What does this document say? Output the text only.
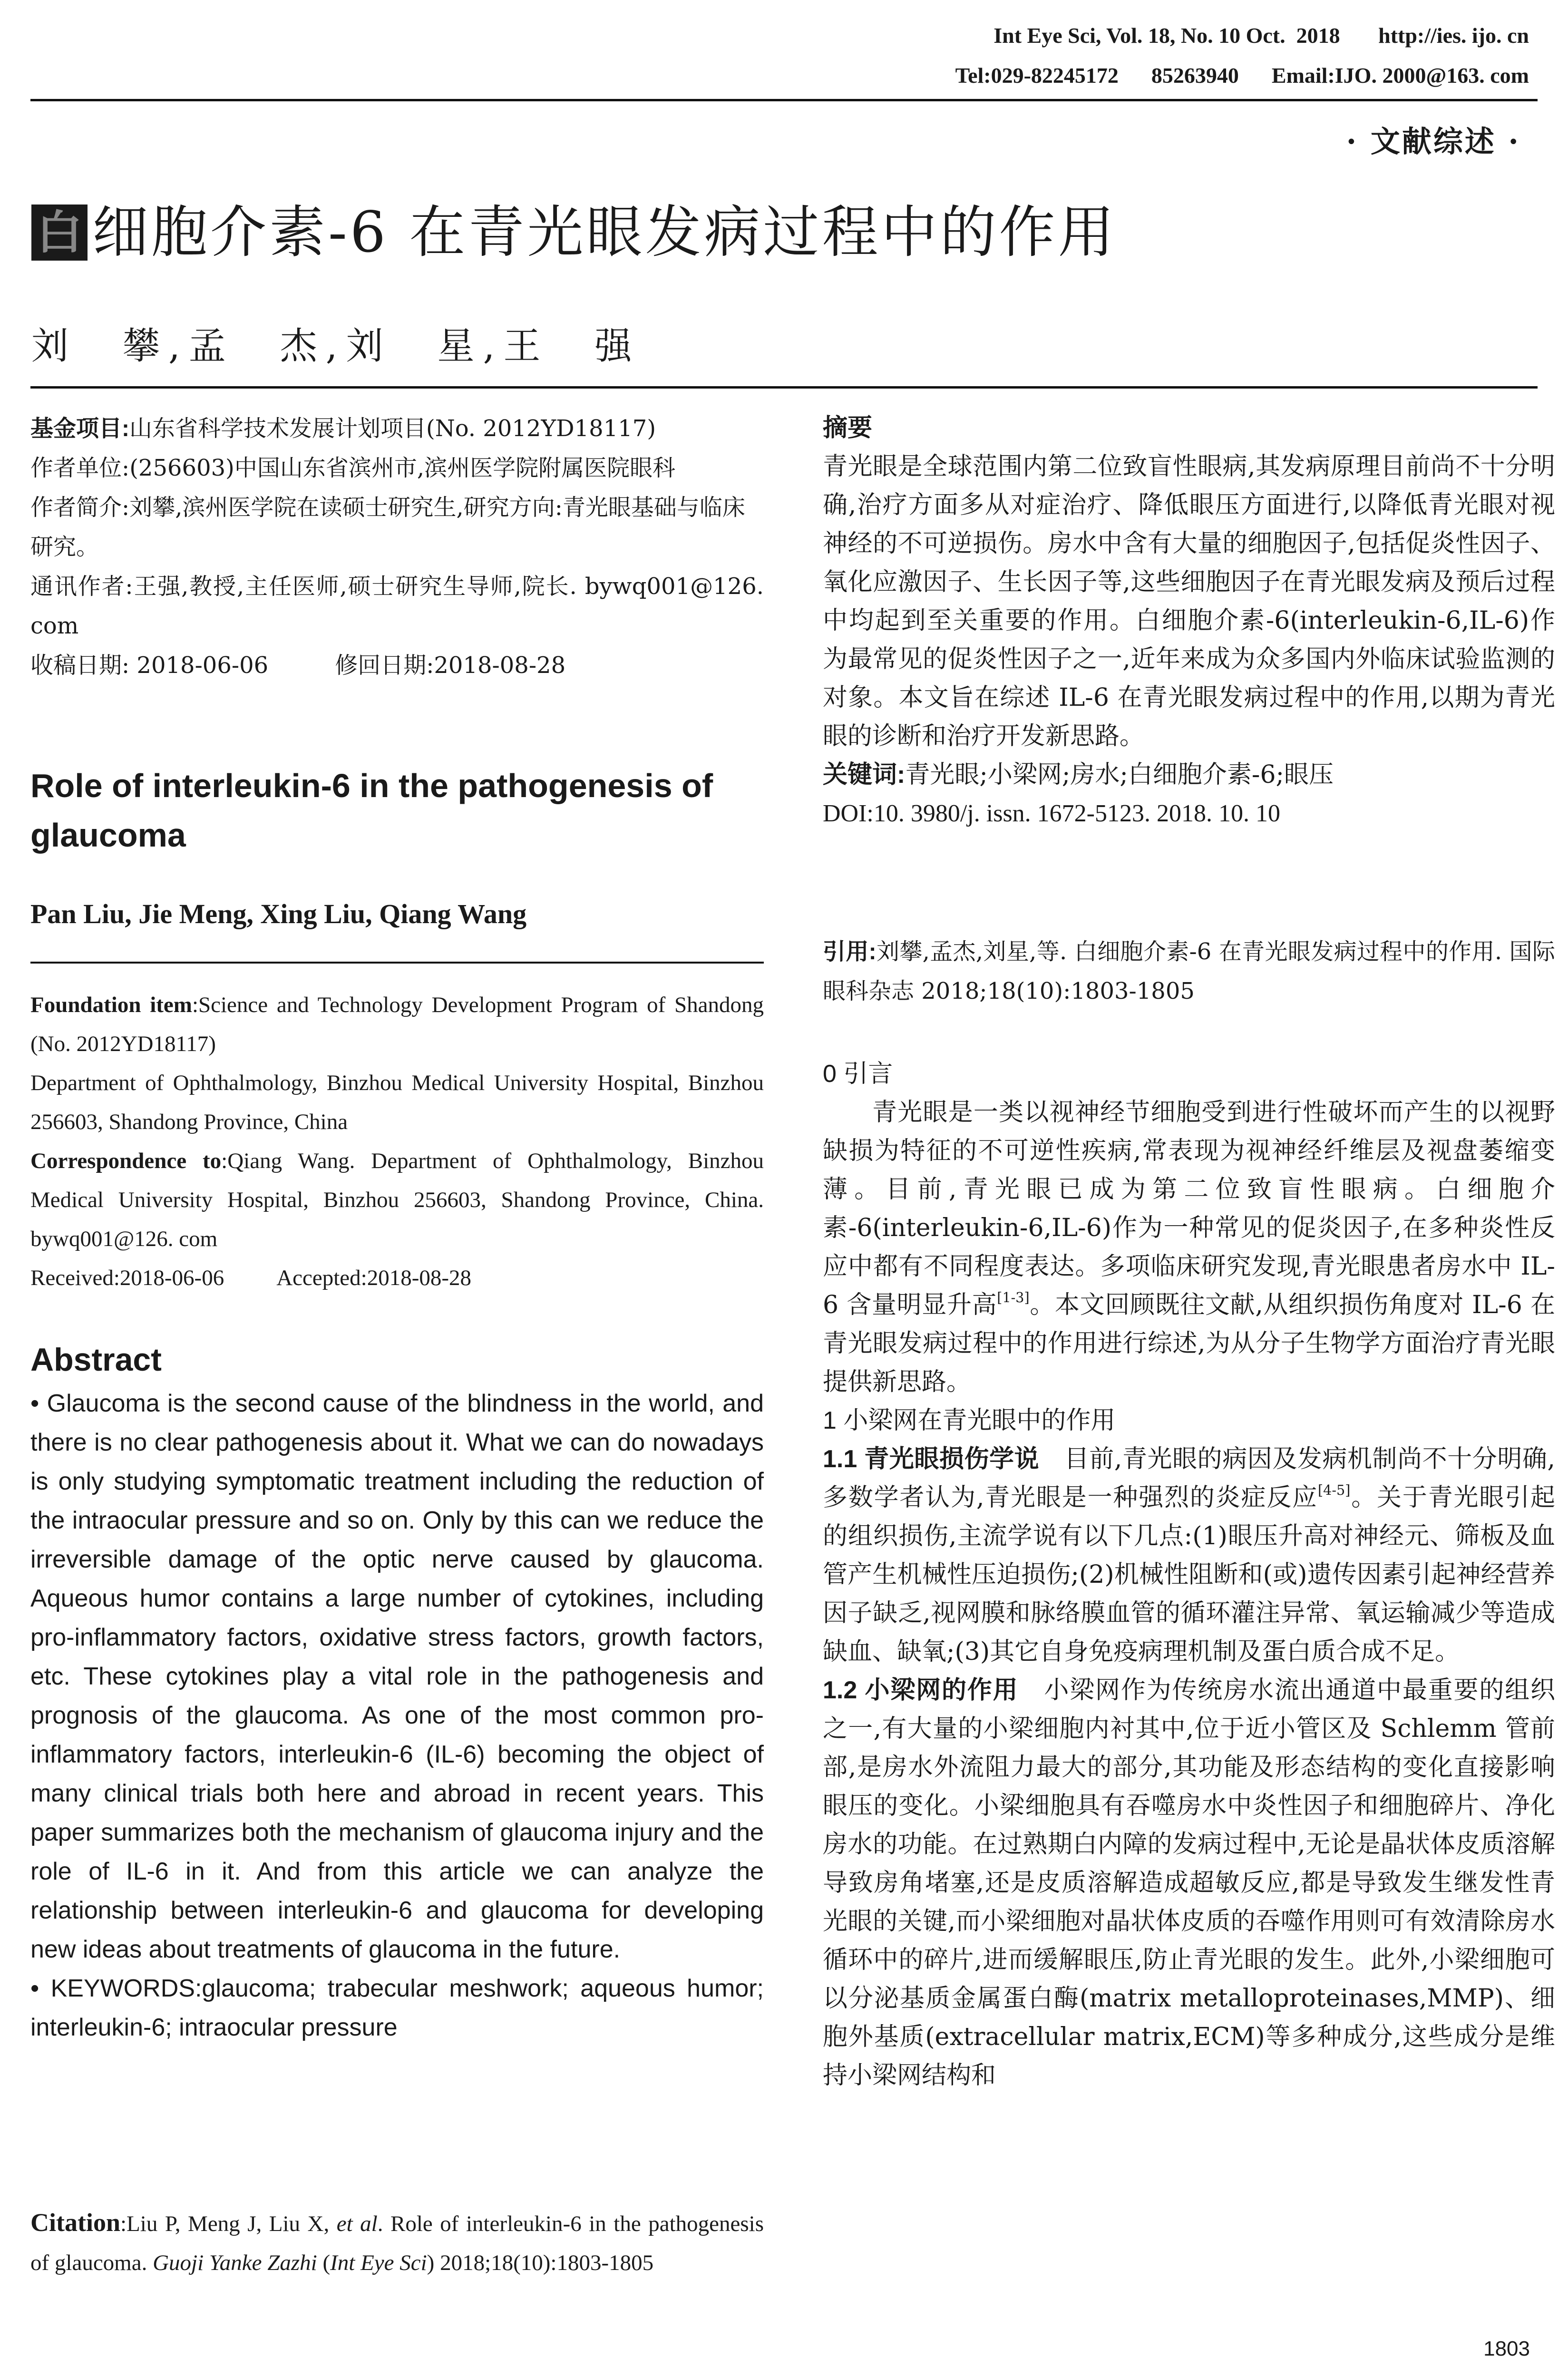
Int Eye Sci, Vol. 18, No. 10 Oct.  2018       http://ies. ijo. cn
Tel:029-82245172      85263940      Email:IJO. 2000@163. com
· 文献综述 ·
白 细胞介素-6 在青光眼发病过程中的作用
刘　攀,孟　杰,刘　星,王　强

基金项目:山东省科学技术发展计划项目(No. 2012YD18117)

作者单位:(256603)中国山东省滨州市,滨州医学院附属医院眼科

作者简介:刘攀,滨州医学院在读硕士研究生,研究方向:青光眼基础与临床研究。

通讯作者:王强,教授,主任医师,硕士研究生导师,院长. bywq001@126. com

收稿日期: 2018-06-06	修回日期:2018-08-28

Role of interleukin-6 in the pathogenesis of glaucoma
Pan Liu, Jie Meng, Xing Liu, Qiang Wang

Foundation item:Science and Technology Development Program of Shandong (No. 2012YD18117)

Department of Ophthalmology, Binzhou Medical University Hospital, Binzhou 256603, Shandong Province, China

Correspondence to:Qiang Wang. Department of Ophthalmology, Binzhou Medical University Hospital, Binzhou 256603, Shandong Province, China. bywq001@126. com

Received:2018-06-06 Accepted:2018-08-28

Abstract

• Glaucoma is the second cause of the blindness in the world, and there is no clear pathogenesis about it. What we can do nowadays is only studying symptomatic treatment including the reduction of the intraocular pressure and so on. Only by this can we reduce the irreversible damage of the optic nerve caused by glaucoma. Aqueous humor contains a large number of cytokines, including pro-inflammatory factors, oxidative stress factors, growth factors, etc. These cytokines play a vital role in the pathogenesis and prognosis of the glaucoma. As one of the most common pro-inflammatory factors, interleukin-6 (IL-6) becoming the object of many clinical trials both here and abroad in recent years. This paper summarizes both the mechanism of glaucoma injury and the role of IL-6 in it. And from this article we can analyze the relationship between interleukin-6 and glaucoma for developing new ideas about treatments of glaucoma in the future.

• KEYWORDS:glaucoma; trabecular meshwork; aqueous humor; interleukin-6; intraocular pressure

Citation:Liu P, Meng J, Liu X, et al. Role of interleukin-6 in the pathogenesis of glaucoma. Guoji Yanke Zazhi (Int Eye Sci) 2018;18(10):1803-1805

摘要

青光眼是全球范围内第二位致盲性眼病,其发病原理目前尚不十分明确,治疗方面多从对症治疗、降低眼压方面进行,以降低青光眼对视神经的不可逆损伤。房水中含有大量的细胞因子,包括促炎性因子、氧化应激因子、生长因子等,这些细胞因子在青光眼发病及预后过程中均起到至关重要的作用。白细胞介素-6(interleukin-6,IL-6)作为最常见的促炎性因子之一,近年来成为众多国内外临床试验监测的对象。本文旨在综述 IL-6 在青光眼发病过程中的作用,以期为青光眼的诊断和治疗开发新思路。

关键词:青光眼;小梁网;房水;白细胞介素-6;眼压

DOI:10. 3980/j. issn. 1672-5123. 2018. 10. 10

引用:刘攀,孟杰,刘星,等. 白细胞介素-6 在青光眼发病过程中的作用. 国际眼科杂志 2018;18(10):1803-1805

0 引言

青光眼是一类以视神经节细胞受到进行性破坏而产生的以视野缺损为特征的不可逆性疾病,常表现为视神经纤维层及视盘萎缩变薄。目前,青光眼已成为第二位致盲性眼病。白细胞介素-6(interleukin-6,IL-6)作为一种常见的促炎因子,在多种炎性反应中都有不同程度表达。多项临床研究发现,青光眼患者房水中 IL-6 含量明显升高[1-3]。本文回顾既往文献,从组织损伤角度对 IL-6 在青光眼发病过程中的作用进行综述,为从分子生物学方面治疗青光眼提供新思路。

1 小梁网在青光眼中的作用

1.1 青光眼损伤学说　目前,青光眼的病因及发病机制尚不十分明确,多数学者认为,青光眼是一种强烈的炎症反应[4-5]。关于青光眼引起的组织损伤,主流学说有以下几点:(1)眼压升高对神经元、筛板及血管产生机械性压迫损伤;(2)机械性阻断和(或)遗传因素引起神经营养因子缺乏,视网膜和脉络膜血管的循环灌注异常、氧运输减少等造成缺血、缺氧;(3)其它自身免疫病理机制及蛋白质合成不足。

1.2 小梁网的作用　小梁网作为传统房水流出通道中最重要的组织之一,有大量的小梁细胞内衬其中,位于近小管区及 Schlemm 管前部,是房水外流阻力最大的部分,其功能及形态结构的变化直接影响眼压的变化。小梁细胞具有吞噬房水中炎性因子和细胞碎片、净化房水的功能。在过熟期白内障的发病过程中,无论是晶状体皮质溶解导致房角堵塞,还是皮质溶解造成超敏反应,都是导致发生继发性青光眼的关键,而小梁细胞对晶状体皮质的吞噬作用则可有效清除房水循环中的碎片,进而缓解眼压,防止青光眼的发生。此外,小梁细胞可以分泌基质金属蛋白酶(matrix metalloproteinases,MMP)、细胞外基质(extracellular matrix,ECM)等多种成分,这些成分是维持小梁网结构和

1803
